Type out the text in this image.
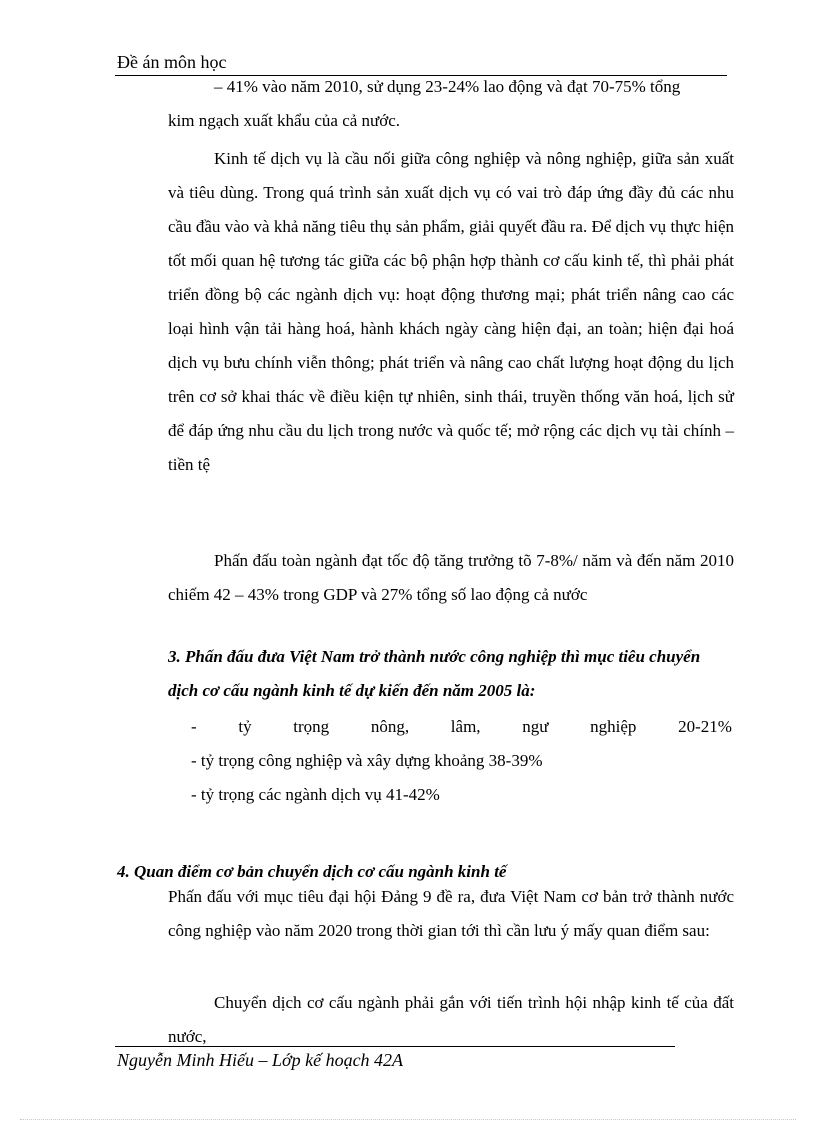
Đề án môn học

– 41% vào năm 2010, sử dụng 23-24% lao động và đạt 70-75% tổng

kim ngạch xuất khẩu của cả nước.

Kinh tế dịch vụ là cầu nối giữa công nghiệp và nông nghiệp, giữa sản xuất và tiêu dùng. Trong quá trình sản xuất dịch vụ có vai trò đáp ứng đầy đủ các nhu cầu đầu vào và khả năng tiêu thụ sản phẩm, giải quyết đầu ra. Để dịch vụ thực hiện tốt mối quan hệ tương tác giữa các bộ phận hợp thành cơ cấu kinh tế, thì phải phát triển đồng bộ các ngành dịch vụ: hoạt động thương mại; phát triển nâng cao các loại hình vận tải hàng hoá, hành khách ngày càng hiện đại, an toàn; hiện đại hoá dịch vụ bưu chính viễn thông; phát triển và nâng cao chất lượng hoạt động du lịch trên cơ sở khai thác về điều kiện tự nhiên, sinh thái, truyền thống văn hoá, lịch sử để đáp ứng nhu cầu du lịch trong nước và quốc tế; mở rộng các dịch vụ tài chính – tiền tệ

Phấn đấu toàn ngành đạt tốc độ tăng trưởng tõ 7-8%/ năm và đến năm 2010 chiếm 42 – 43% trong GDP và 27% tổng số lao động cả nước

3. Phấn đấu đưa Việt Nam trở thành nước công nghiệp thì mục tiêu chuyển dịch cơ cấu ngành kinh tế dự kiến đến năm 2005 là:

- tỷ trọng nông, lâm, ngư nghiệp 20-21%
- tỷ trọng công nghiệp và xây dựng khoảng 38-39%
- tỷ trọng các ngành dịch vụ 41-42%

4. Quan điểm cơ bản chuyển dịch cơ cấu ngành kinh tế

Phấn đấu với mục tiêu đại hội Đảng 9 đề ra, đưa Việt Nam cơ bản trở thành nước công nghiệp vào năm 2020 trong thời gian tới thì cần lưu ý mấy quan điểm sau:

Chuyển dịch cơ cấu ngành phải gắn với tiến trình hội nhập kinh tế của đất nước,

Nguyễn Minh Hiếu – Lớp kế hoạch 42A
